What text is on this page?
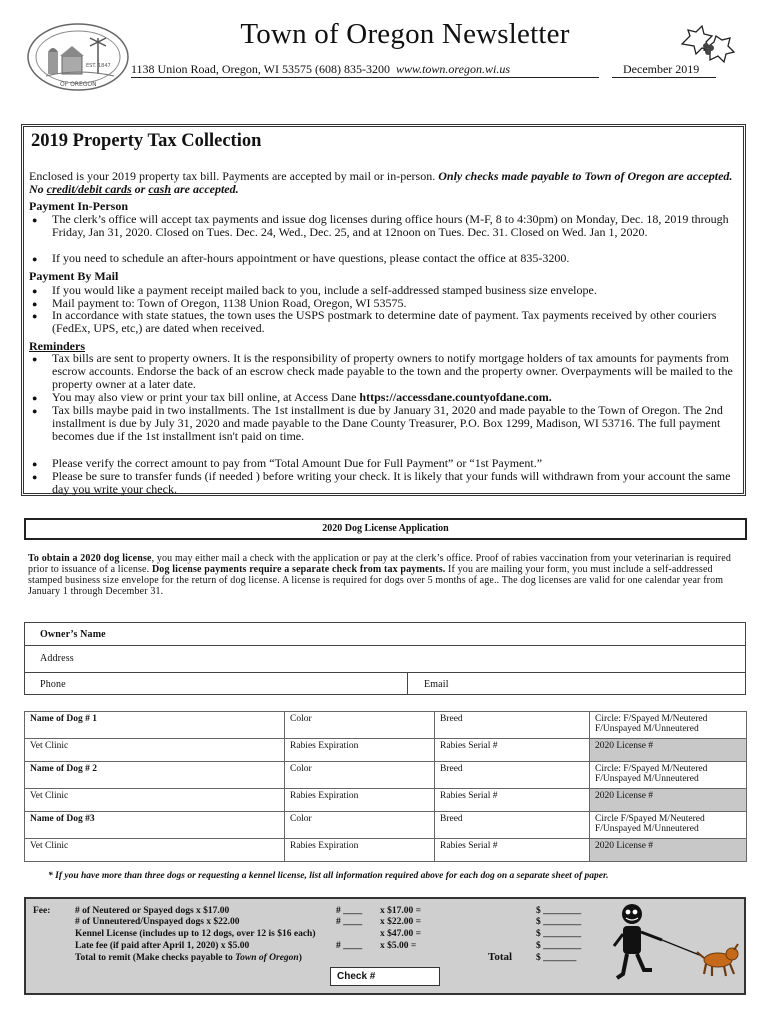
EST. 1847
OF OREGON
Town of Oregon Newsletter
1138 Union Road, Oregon, WI 53575 (608) 835-3200 www.town.oregon.wi.us	December 2019
2019 Property Tax Collection
Enclosed is your 2019 property tax bill. Payments are accepted by mail or in-person. Only checks made payable to Town of Oregon are accepted. No credit/debit cards or cash are accepted.
Payment In-Person
● The clerk’s office will accept tax payments and issue dog licenses during office hours (M-F, 8 to 4:30pm) on Monday, Dec. 18, 2019 through Friday, Jan 31, 2020. Closed on Tues. Dec. 24, Wed., Dec. 25, and at 12noon on Tues. Dec. 31. Closed on Wed. Jan 1, 2020.
● If you need to schedule an after-hours appointment or have questions, please contact the office at 835-3200.
Payment By Mail
● If you would like a payment receipt mailed back to you, include a self-addressed stamped business size envelope.
● Mail payment to: Town of Oregon, 1138 Union Road, Oregon, WI 53575.
● In accordance with state statues, the town uses the USPS postmark to determine date of payment. Tax payments received by other couriers (FedEx, UPS, etc,) are dated when received.
Reminders
● Tax bills are sent to property owners. It is the responsibility of property owners to notify mortgage holders of tax amounts for payments from escrow accounts. Endorse the back of an escrow check made payable to the town and the property owner. Overpayments will be mailed to the property owner at a later date.
● You may also view or print your tax bill online, at Access Dane https://accessdane.countyofdane.com.
● Tax bills maybe paid in two installments. The 1st installment is due by January 31, 2020 and made payable to the Town of Oregon. The 2nd installment is due by July 31, 2020 and made payable to the Dane County Treasurer, P.O. Box 1299, Madison, WI 53716. The full payment becomes due if the 1st installment isn't paid on time.
● Please verify the correct amount to pay from “Total Amount Due for Full Payment” or “1st Payment.”
● Please be sure to transfer funds (if needed ) before writing your check. It is likely that your funds will withdrawn from your account the same day you write your check.
2020 Dog License Application
To obtain a 2020 dog license, you may either mail a check with the application or pay at the clerk’s office. Proof of rabies vaccination from your veterinarian is required prior to issuance of a license. Dog license payments require a separate check from tax payments. If you are mailing your form, you must include a self-addressed stamped business size envelope for the return of dog license. A license is required for dogs over 5 months of age.. The dog licenses are valid for one calendar year from January 1 through December 31.
Owner’s Name
Address
Phone	Email
Name of Dog # 1	Color	Breed	Circle: F/Spayed M/Neutered F/Unspayed M/Unneutered
Vet Clinic	Rabies Expiration	Rabies Serial #	2020 License #
Name of Dog # 2	Color	Breed	Circle: F/Spayed M/Neutered F/Unspayed M/Unneutered
Vet Clinic	Rabies Expiration	Rabies Serial #	2020 License #
Name of Dog #3	Color	Breed	Circle F/Spayed M/Neutered F/Unspayed M/Unneutered
Vet Clinic	Rabies Expiration	Rabies Serial #	2020 License #
* If you have more than three dogs or requesting a kennel license, list all information required above for each dog on a separate sheet of paper.
Fee:	# of Neutered or Spayed dogs x $17.00	# ____ x $17.00 =	$ ________
# of Unneutered/Unspayed dogs x $22.00	# ____ x $22.00 =	$ ________
Kennel License (includes up to 12 dogs, over 12 is $16 each)	x $47.00 =	$ ________
Late fee (if paid after April 1, 2020) x $5.00	# ____ x $5.00 =	$ ________
Total to remit (Make checks payable to Town of Oregon)	Total	$ _______
Check #
